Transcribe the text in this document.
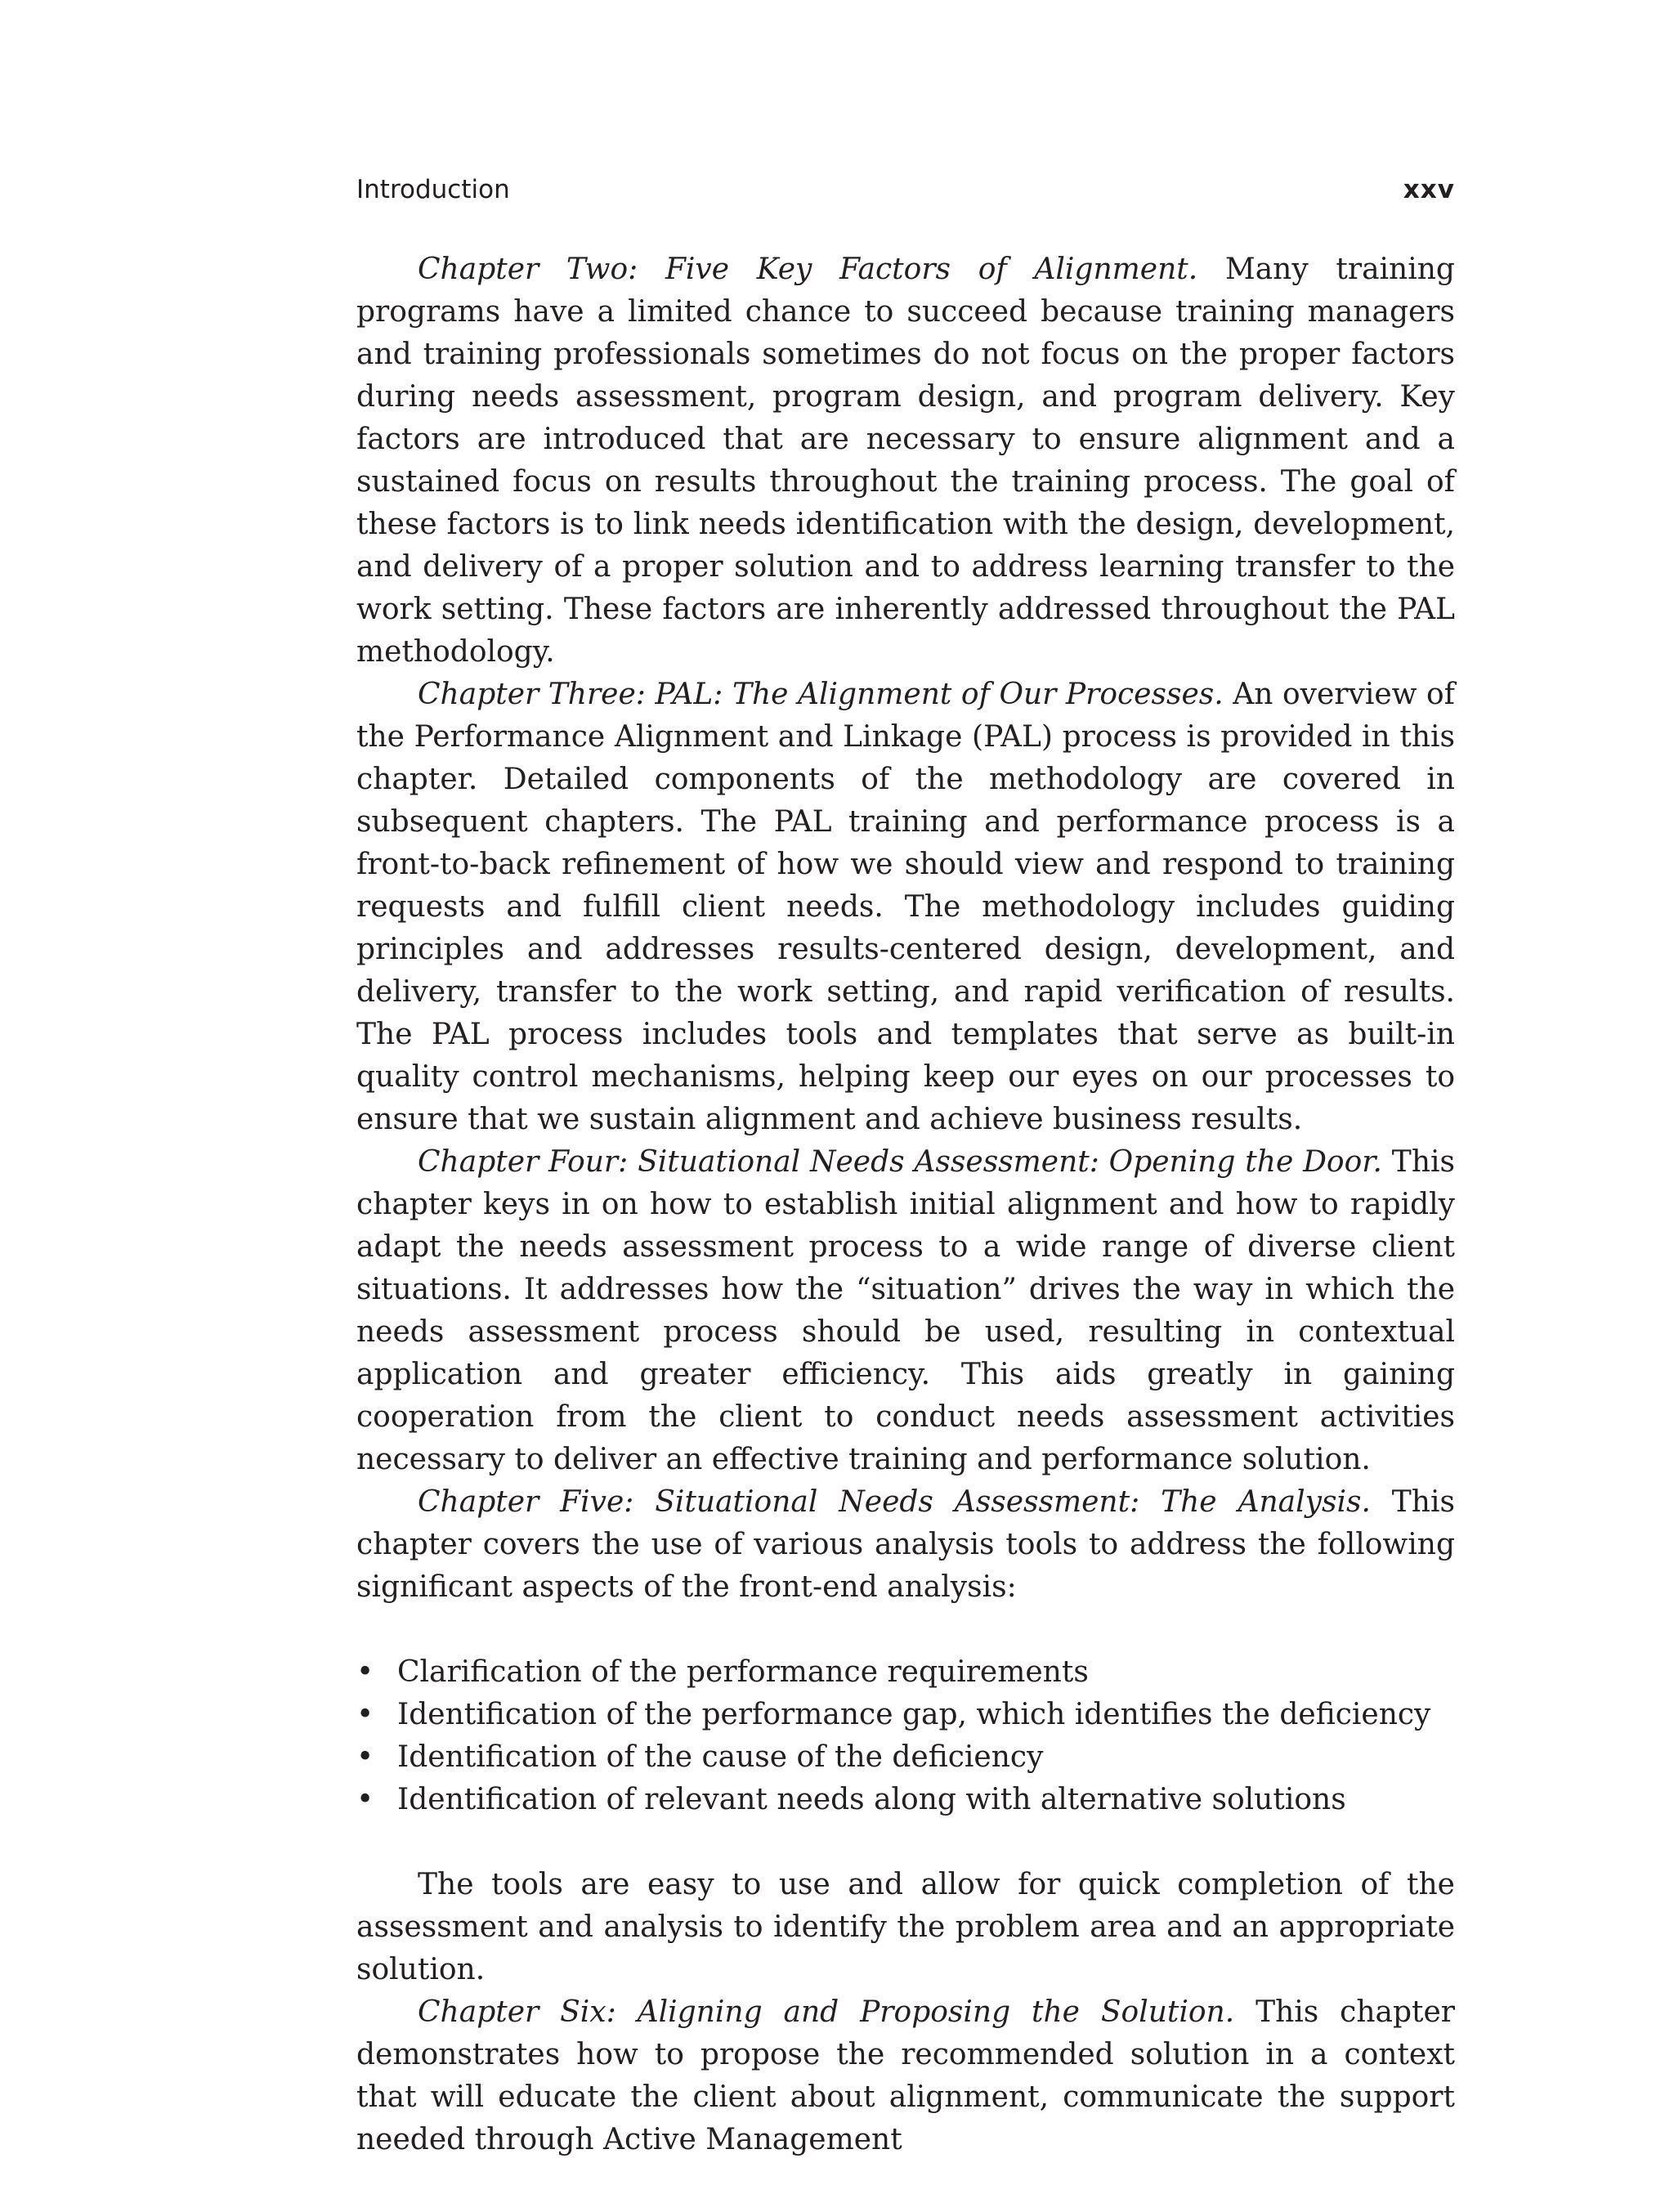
Introduction	xxv

Chapter Two: Five Key Factors of Alignment. Many training programs have a limited chance to succeed because training managers and training professionals sometimes do not focus on the proper factors during needs assessment, program design, and program delivery. Key factors are introduced that are necessary to ensure alignment and a sustained focus on results throughout the training process. The goal of these factors is to link needs identification with the design, development, and delivery of a proper solution and to address learning transfer to the work setting. These factors are inherently addressed throughout the PAL methodology.

Chapter Three: PAL: The Alignment of Our Processes. An overview of the Performance Alignment and Linkage (PAL) process is provided in this chapter. Detailed components of the methodology are covered in subsequent chapters. The PAL training and performance process is a front-to-back refinement of how we should view and respond to training requests and fulfill client needs. The methodology includes guiding principles and addresses results-centered design, development, and delivery, transfer to the work setting, and rapid verification of results. The PAL process includes tools and templates that serve as built-in quality control mechanisms, helping keep our eyes on our processes to ensure that we sustain alignment and achieve business results.

Chapter Four: Situational Needs Assessment: Opening the Door. This chapter keys in on how to establish initial alignment and how to rapidly adapt the needs assessment process to a wide range of diverse client situations. It addresses how the “situation” drives the way in which the needs assessment process should be used, resulting in contextual application and greater efficiency. This aids greatly in gaining cooperation from the client to conduct needs assessment activities necessary to deliver an effective training and performance solution.

Chapter Five: Situational Needs Assessment: The Analysis. This chapter covers the use of various analysis tools to address the following significant aspects of the front-end analysis:

• Clarification of the performance requirements
• Identification of the performance gap, which identifies the deficiency
• Identification of the cause of the deficiency
• Identification of relevant needs along with alternative solutions

The tools are easy to use and allow for quick completion of the assessment and analysis to identify the problem area and an appropriate solution.

Chapter Six: Aligning and Proposing the Solution. This chapter demonstrates how to propose the recommended solution in a context that will educate the client about alignment, communicate the support needed through Active Management
